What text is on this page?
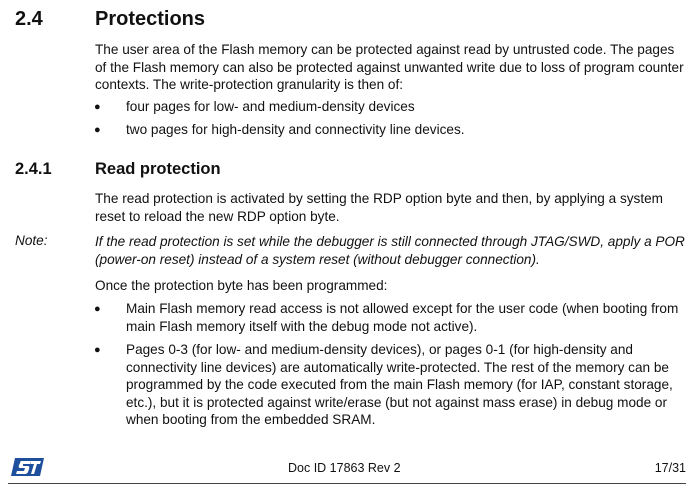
2.4	Protections
The user area of the Flash memory can be protected against read by untrusted code. The pages of the Flash memory can also be protected against unwanted write due to loss of program counter contexts. The write-protection granularity is then of:
● four pages for low- and medium-density devices
● two pages for high-density and connectivity line devices.
2.4.1	Read protection
The read protection is activated by setting the RDP option byte and then, by applying a system reset to reload the new RDP option byte.
Note:	If the read protection is set while the debugger is still connected through JTAG/SWD, apply a POR (power-on reset) instead of a system reset (without debugger connection).
Once the protection byte has been programmed:
● Main Flash memory read access is not allowed except for the user code (when booting from main Flash memory itself with the debug mode not active).
● Pages 0-3 (for low- and medium-density devices), or pages 0-1 (for high-density and connectivity line devices) are automatically write-protected. The rest of the memory can be programmed by the code executed from the main Flash memory (for IAP, constant storage, etc.), but it is protected against write/erase (but not against mass erase) in debug mode or when booting from the embedded SRAM.
Doc ID 17863 Rev 2	17/31
